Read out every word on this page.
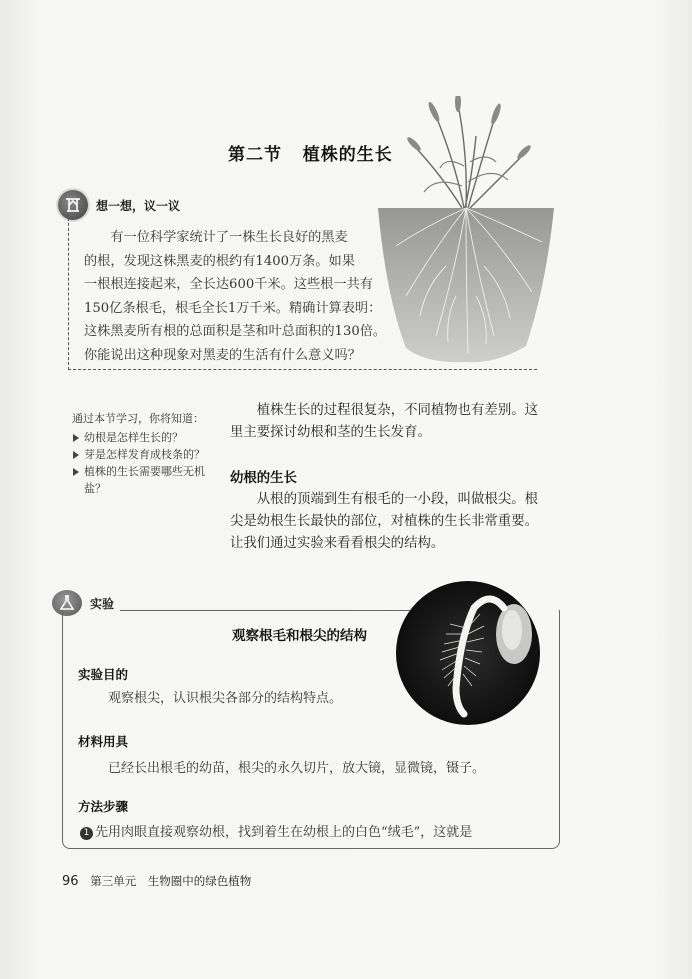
第二节   植株的生长
想一想，议一议

　　有一位科学家统计了一株生长良好的黑麦

的根，发现这株黑麦的根约有1400万条。如果

一根根连接起来，全长达600千米。这些根一共有

150亿条根毛，根毛全长1万千米。精确计算表明：

这株黑麦所有根的总面积是茎和叶总面积的130倍。

你能说出这种现象对黑麦的生活有什么意义吗？

通过本节学习，你将知道：
幼根是怎样生长的？
芽是怎样发育成枝条的？
植株的生长需要哪些无机盐？

植株生长的过程很复杂，不同植物也有差别。这里主要探讨幼根和茎的生长发育。

幼根的生长

从根的顶端到生有根毛的一小段，叫做根尖。根尖是幼根生长最快的部位，对植株的生长非常重要。让我们通过实验来看看根尖的结构。

实验
观察根毛和根尖的结构
实验目的
观察根尖，认识根尖各部分的结构特点。
材料用具
已经长出根毛的幼苗，根尖的永久切片，放大镜，显微镜，镊子。
方法步骤
1 先用肉眼直接观察幼根，找到着生在幼根上的白色“绒毛”，这就是
96 第三单元　生物圈中的绿色植物
